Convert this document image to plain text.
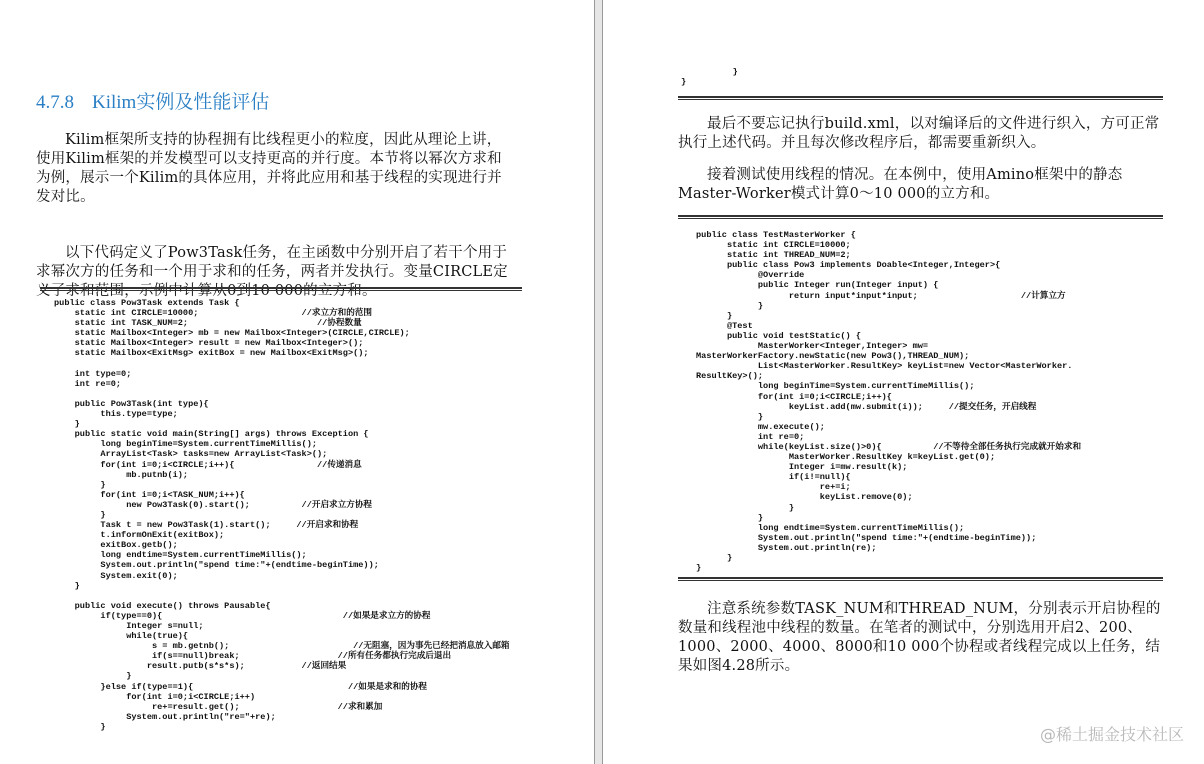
4.7.8 Kilim实例及性能评估

Kilim框架所支持的协程拥有比线程更小的粒度，因此从理论上讲，使用Kilim框架的并发模型可以支持更高的并行度。本节将以幂次方求和为例，展示一个Kilim的具体应用，并将此应用和基于线程的实现进行并发对比。

以下代码定义了Pow3Task任务，在主函数中分别开启了若干个用于求幂次方的任务和一个用于求和的任务，两者并发执行。变量CIRCLE定义了求和范围，示例中计算从0到10 000的立方和。

public class Pow3Task extends Task {
static int CIRCLE=10000;                    //求立方和的范围
static int TASK_NUM=2;                         //协程数量
static Mailbox<Integer> mb = new Mailbox<Integer>(CIRCLE,CIRCLE);
static Mailbox<Integer> result = new Mailbox<Integer>();
static Mailbox<ExitMsg> exitBox = new Mailbox<ExitMsg>();

int type=0;
int re=0;

public Pow3Task(int type){
this.type=type;
}
public static void main(String[] args) throws Exception {
long beginTime=System.currentTimeMillis();
ArrayList<Task> tasks=new ArrayList<Task>();
for(int i=0;i<CIRCLE;i++){                //传递消息
mb.putnb(i);
}
for(int i=0;i<TASK_NUM;i++){
new Pow3Task(0).start();          //开启求立方协程
}
Task t = new Pow3Task(1).start();     //开启求和协程
t.informOnExit(exitBox);
exitBox.getb();
long endtime=System.currentTimeMillis();
System.out.println("spend time:"+(endtime-beginTime));
System.exit(0);
}

public void execute() throws Pausable{
if(type==0){                                   //如果是求立方的协程
Integer s=null;
while(true){
s = mb.getnb();                        //无阻塞，因为事先已经把消息放入邮箱
if(s==null)break;                   //所有任务都执行完成后退出
result.putb(s*s*s);           //返回结果
}
}else if(type==1){                              //如果是求和的协程
for(int i=0;i<CIRCLE;i++)
re+=result.get();                   //求和累加
System.out.println("re="+re);
}
}
}

最后不要忘记执行build.xml，以对编译后的文件进行织入，方可正常执行上述代码。并且每次修改程序后，都需要重新织入。

接着测试使用线程的情况。在本例中，使用Amino框架中的静态Master-Worker模式计算0～10 000的立方和。

public class TestMasterWorker {
static int CIRCLE=10000;
static int THREAD_NUM=2;
public class Pow3 implements Doable<Integer,Integer>{
@Override
public Integer run(Integer input) {
return input*input*input;                    //计算立方
}
}
@Test
public void testStatic() {
MasterWorker<Integer,Integer> mw=
MasterWorkerFactory.newStatic(new Pow3(),THREAD_NUM);
List<MasterWorker.ResultKey> keyList=new Vector<MasterWorker.
ResultKey>();
long beginTime=System.currentTimeMillis();
for(int i=0;i<CIRCLE;i++){
keyList.add(mw.submit(i));     //提交任务，开启线程
}
mw.execute();
int re=0;
while(keyList.size()>0){          //不等待全部任务执行完成就开始求和
MasterWorker.ResultKey k=keyList.get(0);
Integer i=mw.result(k);
if(i!=null){
re+=i;
keyList.remove(0);
}
}
long endtime=System.currentTimeMillis();
System.out.println("spend time:"+(endtime-beginTime));
System.out.println(re);
}
}

注意系统参数TASK_NUM和THREAD_NUM，分别表示开启协程的数量和线程池中线程的数量。在笔者的测试中，分别选用开启2、200、1000、2000、4000、8000和10 000个协程或者线程完成以上任务，结果如图4.28所示。

@稀土掘金技术社区
